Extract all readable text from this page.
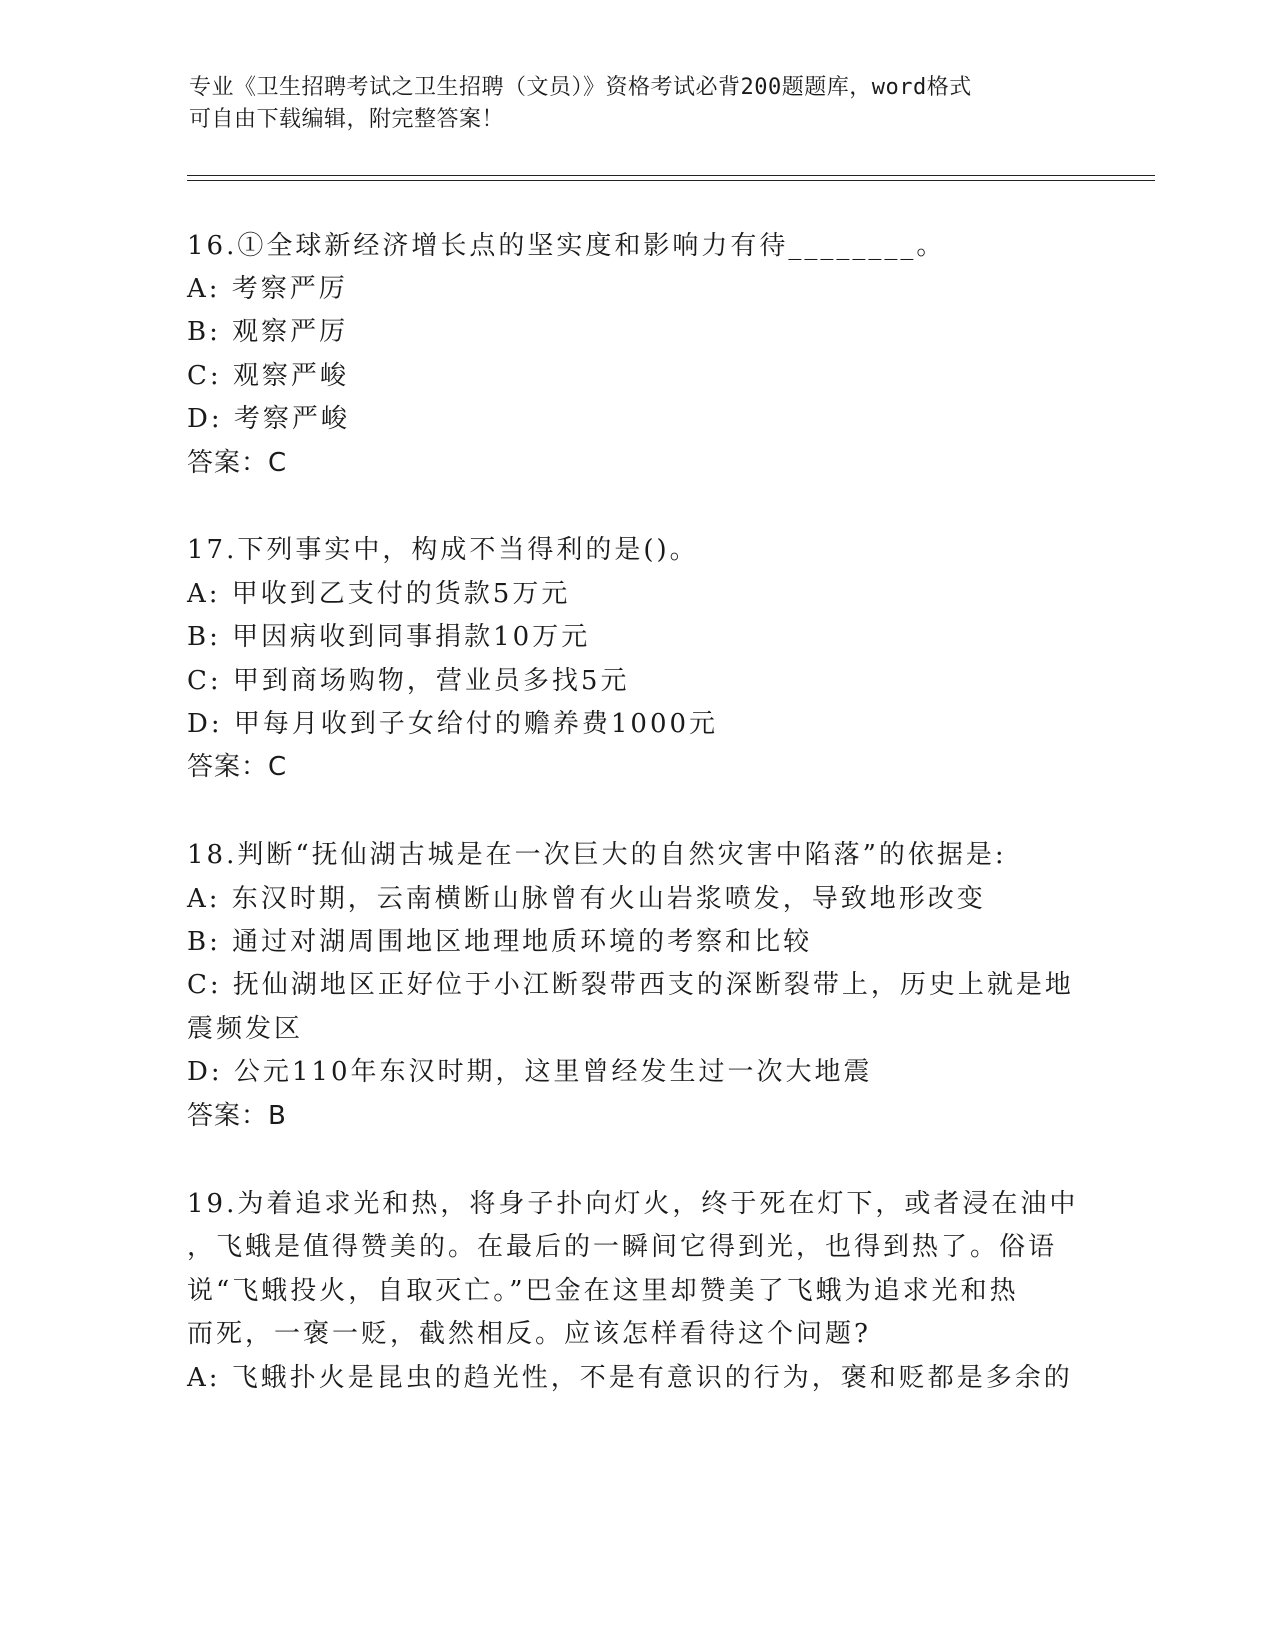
专业《卫生招聘考试之卫生招聘（文员）》资格考试必背200题题库，word格式
可自由下载编辑，附完整答案！
16.①全球新经济增长点的坚实度和影响力有待________。
A: 考察严厉
B: 观察严厉
C: 观察严峻
D: 考察严峻
答案：C
17.下列事实中，构成不当得利的是()。
A: 甲收到乙支付的货款5万元
B: 甲因病收到同事捐款10万元
C: 甲到商场购物，营业员多找5元
D: 甲每月收到子女给付的赡养费1000元
答案：C
18.判断“抚仙湖古城是在一次巨大的自然灾害中陷落”的依据是:
A: 东汉时期，云南横断山脉曾有火山岩浆喷发，导致地形改变
B: 通过对湖周围地区地理地质环境的考察和比较
C: 抚仙湖地区正好位于小江断裂带西支的深断裂带上，历史上就是地
震频发区
D: 公元110年东汉时期，这里曾经发生过一次大地震
答案：B
19.为着追求光和热，将身子扑向灯火，终于死在灯下，或者浸在油中
，飞蛾是值得赞美的。在最后的一瞬间它得到光，也得到热了。俗语
说“飞蛾投火，自取灭亡。”巴金在这里却赞美了飞蛾为追求光和热
而死，一褒一贬，截然相反。应该怎样看待这个问题?
A: 飞蛾扑火是昆虫的趋光性，不是有意识的行为，褒和贬都是多余的
